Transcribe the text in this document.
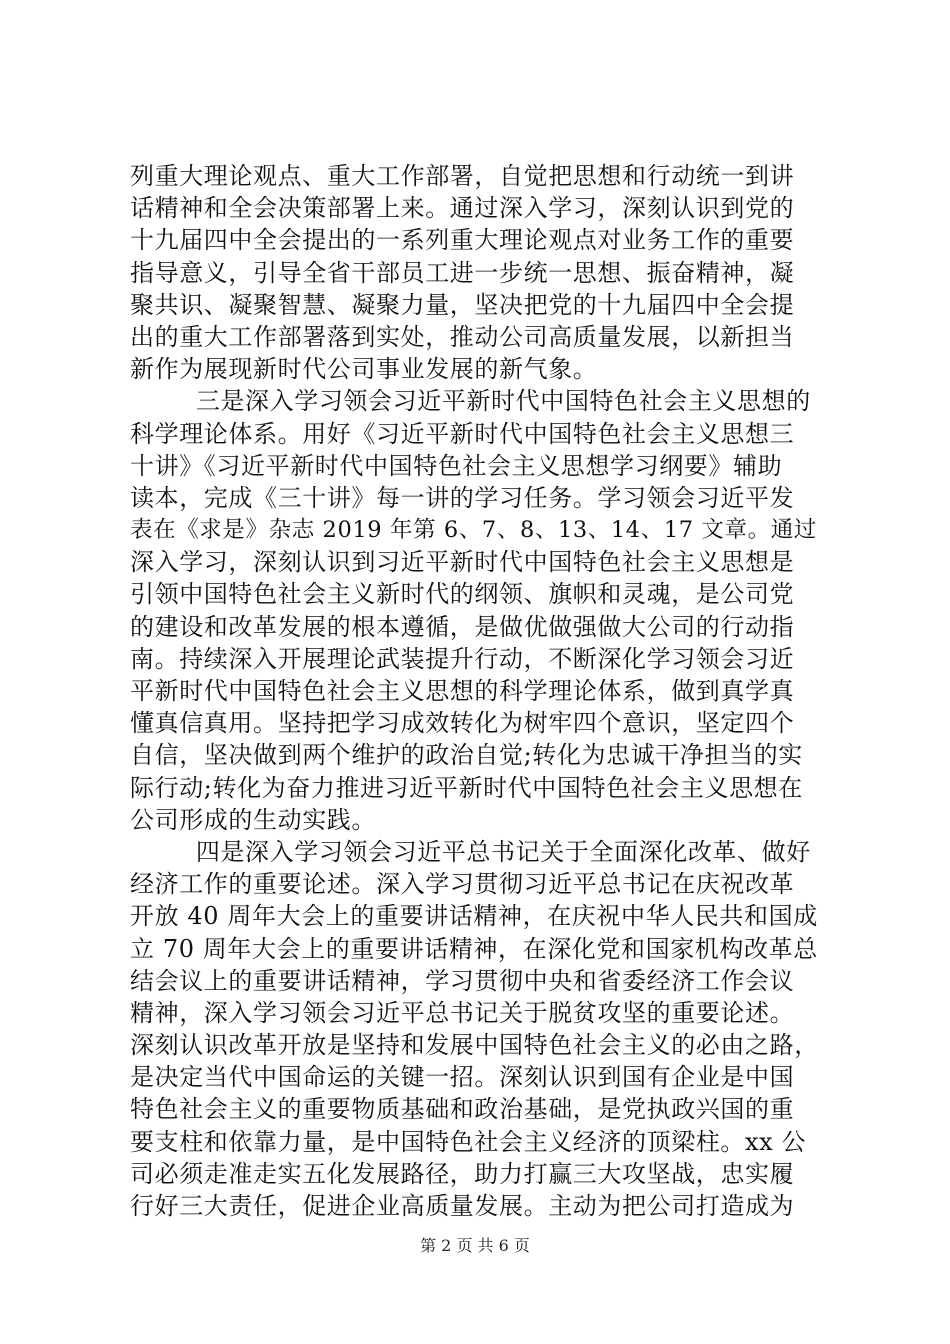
列重大理论观点、重大工作部署，自觉把思想和行动统一到讲
话精神和全会决策部署上来。通过深入学习，深刻认识到党的
十九届四中全会提出的一系列重大理论观点对业务工作的重要
指导意义，引导全省干部员工进一步统一思想、振奋精神，凝
聚共识、凝聚智慧、凝聚力量，坚决把党的十九届四中全会提
出的重大工作部署落到实处，推动公司高质量发展，以新担当
新作为展现新时代公司事业发展的新气象。
三是深入学习领会习近平新时代中国特色社会主义思想的
科学理论体系。用好《习近平新时代中国特色社会主义思想三
十讲》《习近平新时代中国特色社会主义思想学习纲要》辅助
读本，完成《三十讲》每一讲的学习任务。学习领会习近平发
表在《求是》杂志 2019 年第 6、7、8、13、14、17 文章。通过
深入学习，深刻认识到习近平新时代中国特色社会主义思想是
引领中国特色社会主义新时代的纲领、旗帜和灵魂，是公司党
的建设和改革发展的根本遵循，是做优做强做大公司的行动指
南。持续深入开展理论武装提升行动，不断深化学习领会习近
平新时代中国特色社会主义思想的科学理论体系，做到真学真
懂真信真用。坚持把学习成效转化为树牢四个意识，坚定四个
自信，坚决做到两个维护的政治自觉;转化为忠诚干净担当的实
际行动;转化为奋力推进习近平新时代中国特色社会主义思想在
公司形成的生动实践。
四是深入学习领会习近平总书记关于全面深化改革、做好
经济工作的重要论述。深入学习贯彻习近平总书记在庆祝改革
开放 40 周年大会上的重要讲话精神，在庆祝中华人民共和国成
立 70 周年大会上的重要讲话精神，在深化党和国家机构改革总
结会议上的重要讲话精神，学习贯彻中央和省委经济工作会议
精神，深入学习领会习近平总书记关于脱贫攻坚的重要论述。
深刻认识改革开放是坚持和发展中国特色社会主义的必由之路，
是决定当代中国命运的关键一招。深刻认识到国有企业是中国
特色社会主义的重要物质基础和政治基础，是党执政兴国的重
要支柱和依靠力量，是中国特色社会主义经济的顶梁柱。xx 公
司必须走准走实五化发展路径，助力打赢三大攻坚战，忠实履
行好三大责任，促进企业高质量发展。主动为把公司打造成为
第 2 页 共 6 页
